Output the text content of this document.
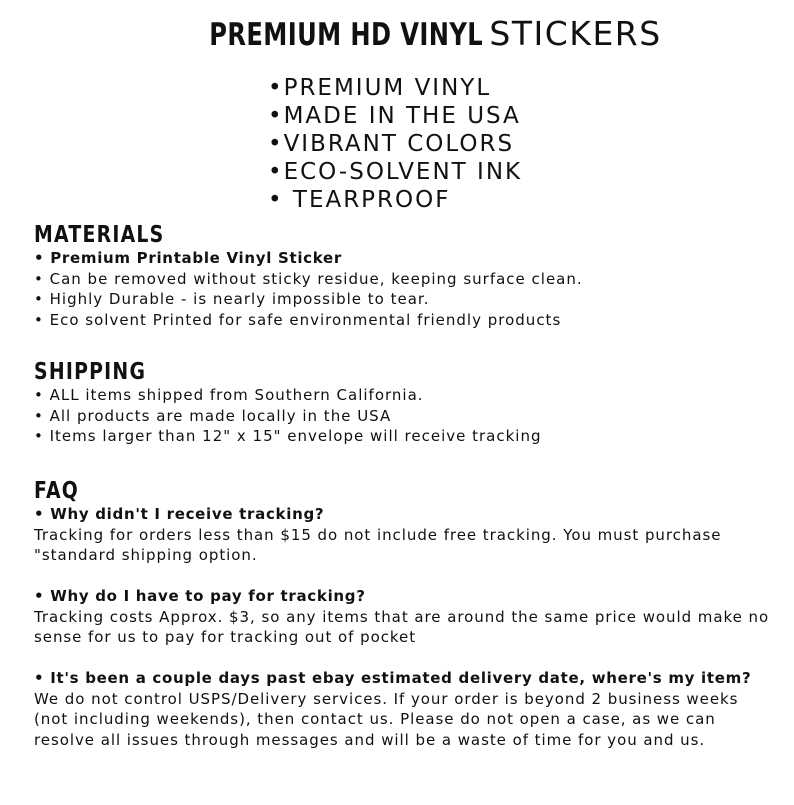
PREMIUM HD VINYL STICKERS
• PREMIUM VINYL
• MADE IN THE USA
• VIBRANT COLORS
• ECO-SOLVENT INK
•  TEARPROOF
MATERIALS
• Premium Printable Vinyl Sticker
• Can be removed without sticky residue, keeping surface clean.
• Highly Durable - is nearly impossible to tear.
• Eco solvent Printed for safe environmental friendly products
SHIPPING
• ALL items shipped from Southern California.
• All products are made locally in the USA
• Items larger than 12" x 15" envelope will receive tracking
FAQ
• Why didn't I receive tracking?
Tracking for orders less than $15 do not include free tracking. You must purchase "standard shipping option.
• Why do I have to pay for tracking?
Tracking costs Approx. $3, so any items that are around the same price would make no sense for us to pay for tracking out of pocket
• It's been a couple days past ebay estimated delivery date, where's my item?
We do not control USPS/Delivery services. If your order is beyond 2 business weeks (not including weekends), then contact us. Please do not open a case, as we can resolve all issues through messages and will be a waste of time for you and us.
